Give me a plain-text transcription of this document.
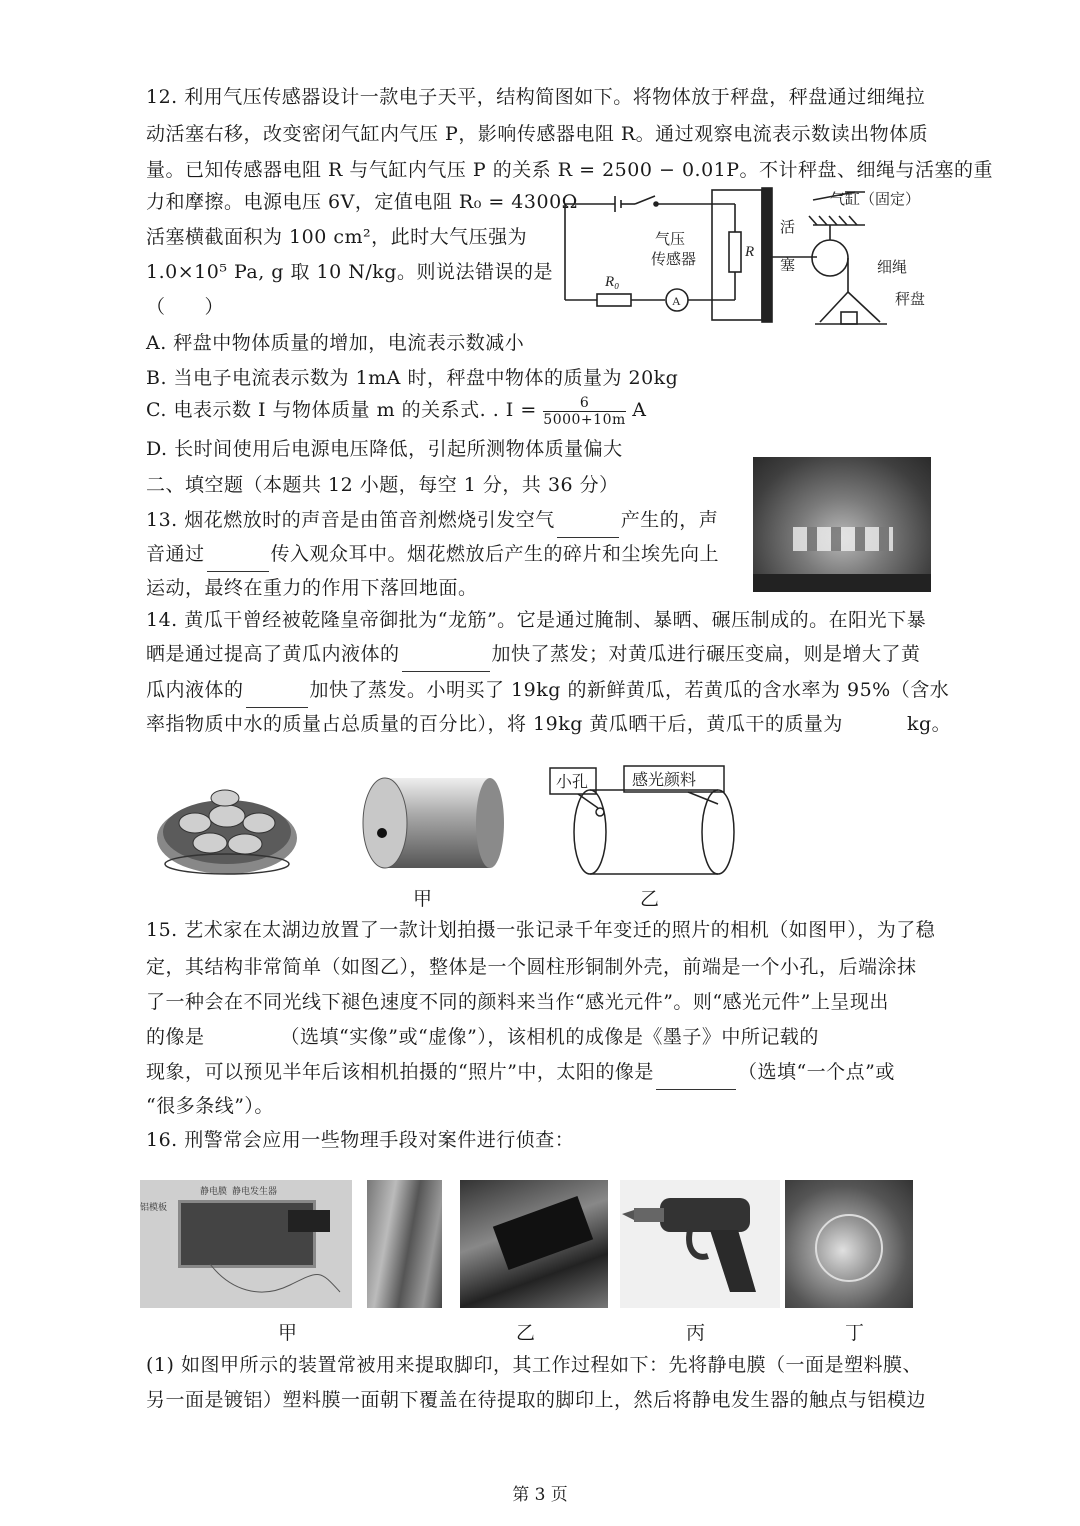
12. 利用气压传感器设计一款电子天平，结构简图如下。将物体放于秤盘，秤盘通过细绳拉
动活塞右移，改变密闭气缸内气压 P，影响传感器电阻 R。通过观察电流表示数读出物体质
量。已知传感器电阻 R 与气缸内气压 P 的关系 R = 2500 − 0.01P。不计秤盘、细绳与活塞的重
力和摩擦。电源电压 6V，定值电阻 R₀ = 4300Ω
活塞横截面积为 100 cm²，此时大气压强为
1.0×10⁵ Pa, g 取 10 N/kg。则说法错误的是
（　　）
气缸（固定）
活
塞
气压
传感器	R
R₀
A
细绳
秤盘
A. 秤盘中物体质量的增加，电流表示数减小
B. 当电子电流表示数为 1mA 时，秤盘中物体的质量为 20kg
C. 电表示数 I 与物体质量 m 的关系式. . $I = \frac{6}{5000+10m}$ A
D. 长时间使用后电源电压降低，引起所测物体质量偏大
二、填空题（本题共 12 小题，每空 1 分，共 36 分）
13. 烟花燃放时的声音是由笛音剂燃烧引发空气	产生的，声
音通过	传入观众耳中。烟花燃放后产生的碎片和尘埃先向上
运动，最终在重力的作用下落回地面。
14. 黄瓜干曾经被乾隆皇帝御批为“龙筋”。它是通过腌制、暴晒、碾压制成的。在阳光下暴
晒是通过提高了黄瓜内液体的	加快了蒸发；对黄瓜进行碾压变扁，则是增大了黄
瓜内液体的	加快了蒸发。小明买了 19kg 的新鲜黄瓜，若黄瓜的含水率为 95%（含水
率指物质中水的质量占总质量的百分比），将 19kg 黄瓜晒干后，黄瓜干的质量为	kg。
甲
小孔	感光颜料
乙
15. 艺术家在太湖边放置了一款计划拍摄一张记录千年变迁的照片的相机（如图甲），为了稳
定，其结构非常简单（如图乙），整体是一个圆柱形铜制外壳，前端是一个小孔，后端涂抹
了一种会在不同光线下褪色速度不同的颜料来当作“感光元件”。则“感光元件”上呈现出
的像是	（选填“实像”或“虚像”），该相机的成像是《墨子》中所记载的
现象，可以预见半年后该相机拍摄的“照片”中，太阳的像是	（选填“一个点”或
“很多条线”）。
16. 刑警常会应用一些物理手段对案件进行侦查：
静电膜 静电发生器
铝模板
甲	乙	丙	丁
(1) 如图甲所示的装置常被用来提取脚印，其工作过程如下：先将静电膜（一面是塑料膜、
另一面是镀铝）塑料膜一面朝下覆盖在待提取的脚印上，然后将静电发生器的触点与铝模边
第 3 页
